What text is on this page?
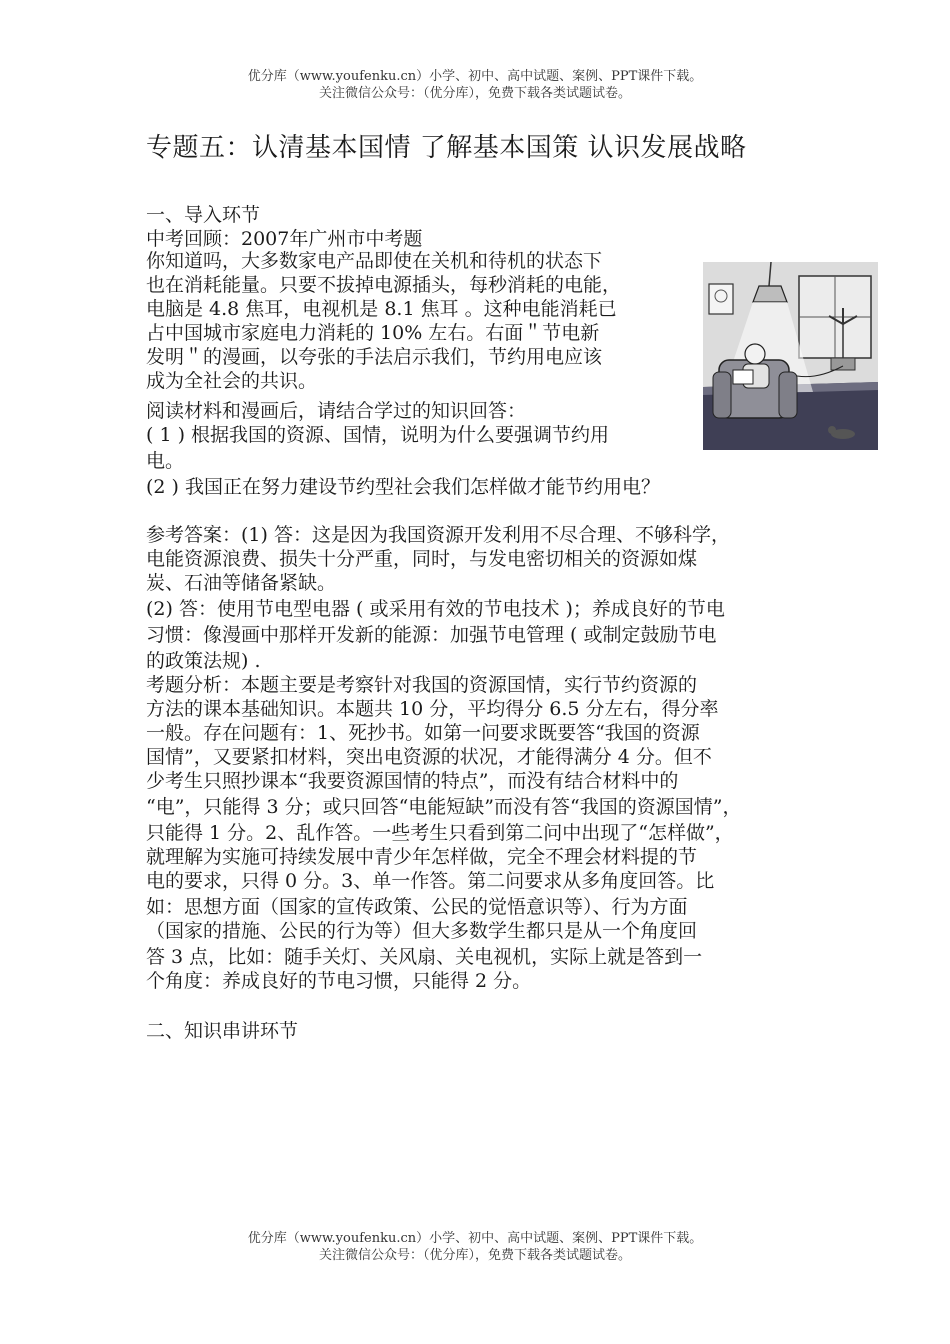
优分库（www.youfenku.cn）小学、初中、高中试题、案例、PPT课件下载。
关注微信公众号：（优分库），免费下载各类试题试卷。
专题五：认清基本国情 了解基本国策 认识发展战略
一、导入环节
中考回顾：2007年广州市中考题
你知道吗，大多数家电产品即使在关机和待机的状态下
也在消耗能量。只要不拔掉电源插头，每秒消耗的电能，
电脑是 4.8 焦耳，电视机是 8.1 焦耳 。这种电能消耗已
占中国城市家庭电力消耗的 10% 左右。右面＂节电新
发明＂的漫画，以夸张的手法启示我们，节约用电应该
成为全社会的共识。
阅读材料和漫画后，请结合学过的知识回答：
( 1 ) 根据我国的资源、国情，说明为什么要强调节约用
电。
(2 ) 我国正在努力建设节约型社会我们怎样做才能节约用电？
参考答案：(1) 答：这是因为我国资源开发利用不尽合理、不够科学，
电能资源浪费、损失十分严重，同时，与发电密切相关的资源如煤
炭、石油等储备紧缺。
(2) 答：使用节电型电器 ( 或采用有效的节电技术 )；养成良好的节电
习惯：像漫画中那样开发新的能源：加强节电管理 ( 或制定鼓励节电
的政策法规) .
考题分析：本题主要是考察针对我国的资源国情，实行节约资源的
方法的课本基础知识。本题共 10 分，平均得分 6.5 分左右，得分率
一般。存在问题有：1、死抄书。如第一问要求既要答“我国的资源
国情”，又要紧扣材料，突出电资源的状况，才能得满分 4 分。但不
少考生只照抄课本“我要资源国情的特点”，而没有结合材料中的
“电”，只能得 3 分；或只回答“电能短缺”而没有答“我国的资源国情”，
只能得 1 分。2、乱作答。一些考生只看到第二问中出现了“怎样做”，
就理解为实施可持续发展中青少年怎样做，完全不理会材料提的节
电的要求，只得 0 分。3、单一作答。第二问要求从多角度回答。比
如：思想方面（国家的宣传政策、公民的觉悟意识等）、行为方面
（国家的措施、公民的行为等）但大多数学生都只是从一个角度回
答 3 点，比如：随手关灯、关风扇、关电视机，实际上就是答到一
个角度：养成良好的节电习惯，只能得 2 分。
二、知识串讲环节
优分库（www.youfenku.cn）小学、初中、高中试题、案例、PPT课件下载。
关注微信公众号：（优分库），免费下载各类试题试卷。
